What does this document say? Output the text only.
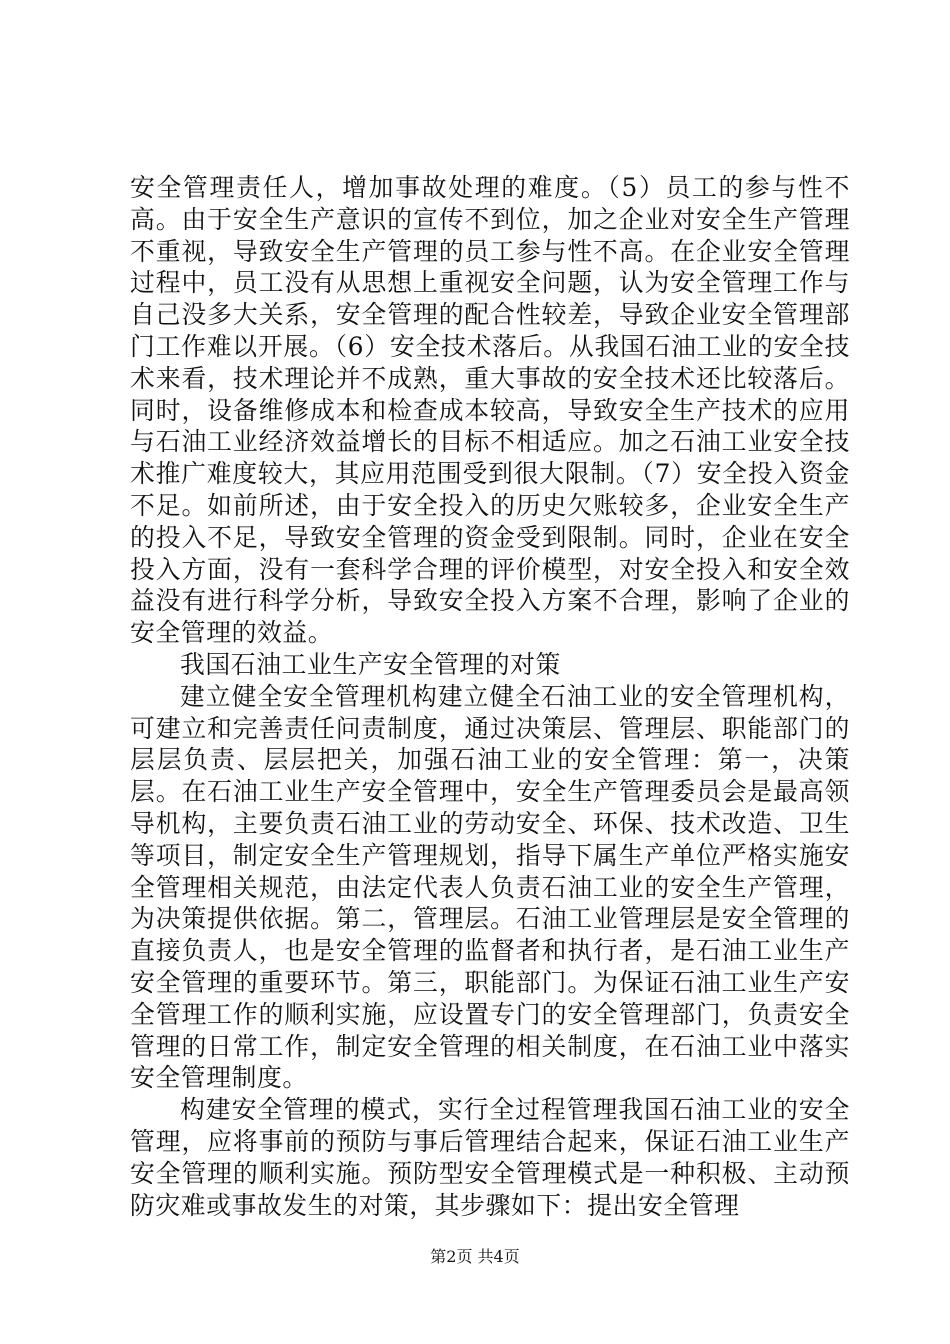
安全管理责任人，增加事故处理的难度。（5）员工的参与性不高。由于安全生产意识的宣传不到位，加之企业对安全生产管理不重视，导致安全生产管理的员工参与性不高。在企业安全管理过程中，员工没有从思想上重视安全问题，认为安全管理工作与自己没多大关系，安全管理的配合性较差，导致企业安全管理部门工作难以开展。（6）安全技术落后。从我国石油工业的安全技术来看，技术理论并不成熟，重大事故的安全技术还比较落后。同时，设备维修成本和检查成本较高，导致安全生产技术的应用与石油工业经济效益增长的目标不相适应。加之石油工业安全技术推广难度较大，其应用范围受到很大限制。（7）安全投入资金不足。如前所述，由于安全投入的历史欠账较多，企业安全生产的投入不足，导致安全管理的资金受到限制。同时，企业在安全投入方面，没有一套科学合理的评价模型，对安全投入和安全效益没有进行科学分析，导致安全投入方案不合理，影响了企业的安全管理的效益。

我国石油工业生产安全管理的对策

建立健全安全管理机构建立健全石油工业的安全管理机构，可建立和完善责任问责制度，通过决策层、管理层、职能部门的层层负责、层层把关，加强石油工业的安全管理：第一，决策层。在石油工业生产安全管理中，安全生产管理委员会是最高领导机构，主要负责石油工业的劳动安全、环保、技术改造、卫生等项目，制定安全生产管理规划，指导下属生产单位严格实施安全管理相关规范，由法定代表人负责石油工业的安全生产管理，为决策提供依据。第二，管理层。石油工业管理层是安全管理的直接负责人，也是安全管理的监督者和执行者，是石油工业生产安全管理的重要环节。第三，职能部门。为保证石油工业生产安全管理工作的顺利实施，应设置专门的安全管理部门，负责安全管理的日常工作，制定安全管理的相关制度，在石油工业中落实安全管理制度。

构建安全管理的模式，实行全过程管理我国石油工业的安全管理，应将事前的预防与事后管理结合起来，保证石油工业生产安全管理的顺利实施。预防型安全管理模式是一种积极、主动预防灾难或事故发生的对策，其步骤如下：提出安全管理

第2页 共4页
